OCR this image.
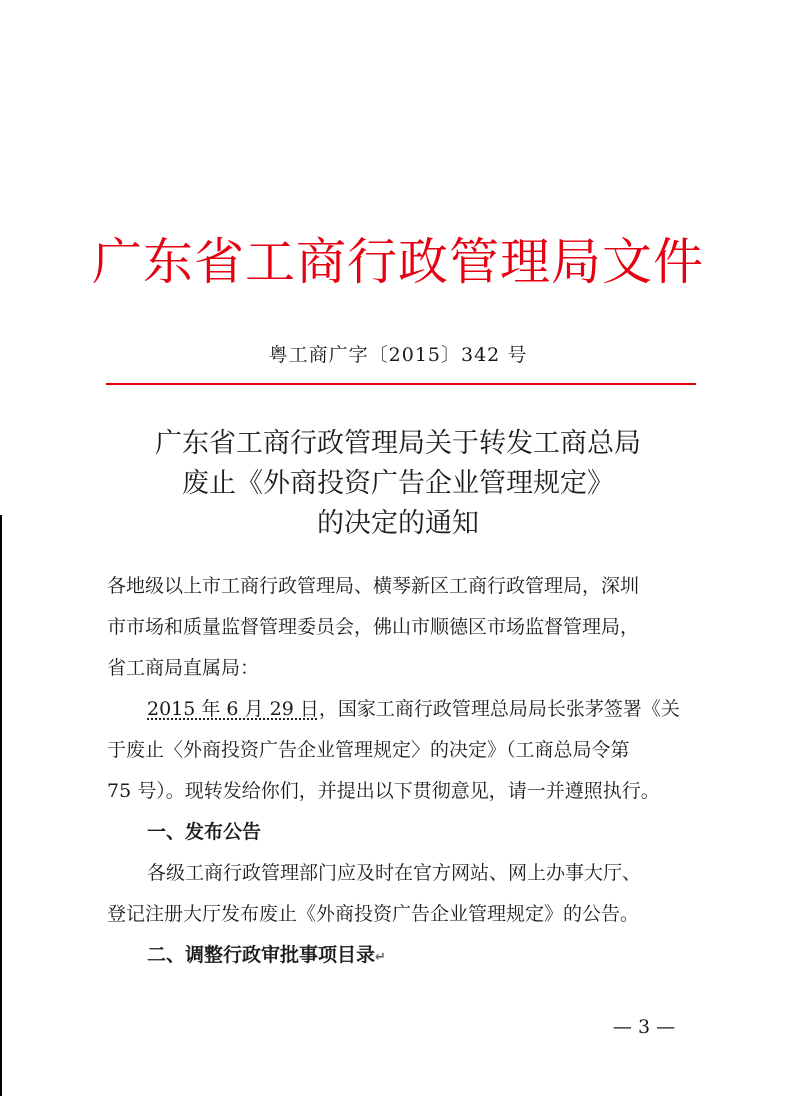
广东省工商行政管理局文件
粤工商广字〔2015〕342 号
广东省工商行政管理局关于转发工商总局
废止《外商投资广告企业管理规定》
的决定的通知
各地级以上市工商行政管理局、横琴新区工商行政管理局，深圳
市市场和质量监督管理委员会，佛山市顺德区市场监督管理局，
省工商局直属局：
2015 年 6 月 29 日，国家工商行政管理总局局长张茅签署《关
于废止〈外商投资广告企业管理规定〉的决定》（工商总局令第
75 号）。现转发给你们，并提出以下贯彻意见，请一并遵照执行。
一、发布公告
各级工商行政管理部门应及时在官方网站、网上办事大厅、
登记注册大厅发布废止《外商投资广告企业管理规定》的公告。
二、调整行政审批事项目录↵
— 3 —
